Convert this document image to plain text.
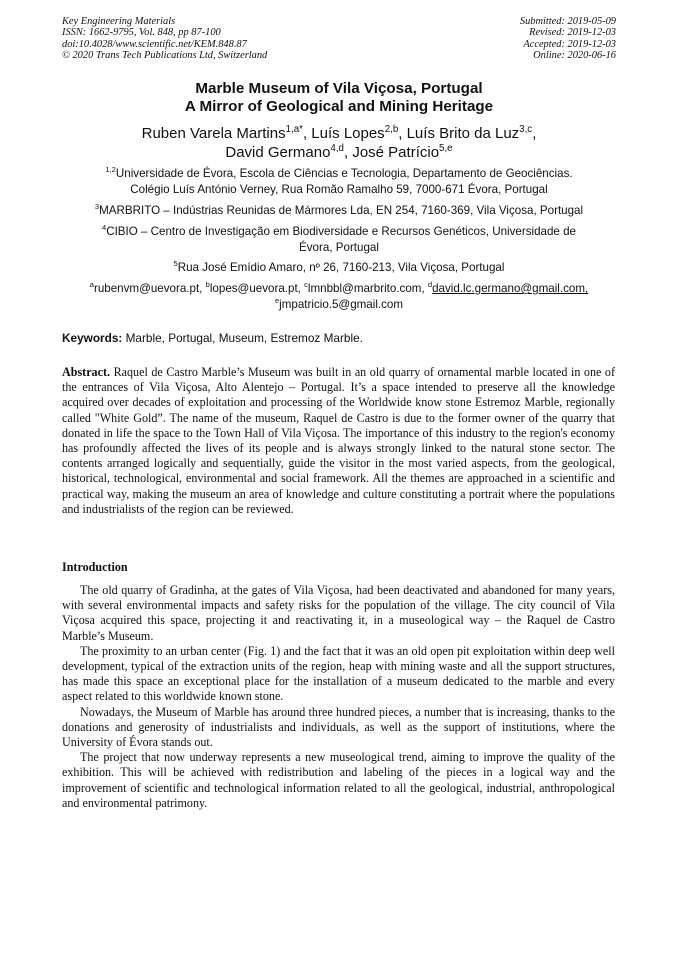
Key Engineering Materials
ISSN: 1662-9795, Vol. 848, pp 87-100
doi:10.4028/www.scientific.net/KEM.848.87
© 2020 Trans Tech Publications Ltd, Switzerland
Submitted: 2019-05-09
Revised: 2019-12-03
Accepted: 2019-12-03
Online: 2020-06-16
Marble Museum of Vila Viçosa, Portugal
A Mirror of Geological and Mining Heritage
Ruben Varela Martins$^{1,a*}$, Luís Lopes$^{2,b}$, Luís Brito da Luz$^{3,c}$,
David Germano$^{4,d}$, José Patrício$^{5,e}$
$^{1,2}$Universidade de Évora, Escola de Ciências e Tecnologia, Departamento de Geociências.
Colégio Luís António Verney, Rua Romão Ramalho 59, 7000-671 Évora, Portugal
$^3$MARBRITO – Indústrias Reunidas de Mármores Lda, EN 254, 7160-369, Vila Viçosa, Portugal
$^4$CIBIO – Centro de Investigação em Biodiversidade e Recursos Genéticos, Universidade de
Évora, Portugal
$^5$Rua José Emídio Amaro, nº 26, 7160-213, Vila Viçosa, Portugal
$^a$rubenvm@uevora.pt, $^b$lopes@uevora.pt, $^c$lmnbbl@marbrito.com, $^d$david.lc.germano@gmail.com,
$^e$jmpatricio.5@gmail.com
Keywords: Marble, Portugal, Museum, Estremoz Marble.
Abstract. Raquel de Castro Marble’s Museum was built in an old quarry of ornamental marble located in one of the entrances of Vila Viçosa, Alto Alentejo – Portugal. It’s a space intended to preserve all the knowledge acquired over decades of exploitation and processing of the Worldwide know stone Estremoz Marble, regionally called "White Gold”. The name of the museum, Raquel de Castro is due to the former owner of the quarry that donated in life the space to the Town Hall of Vila Viçosa. The importance of this industry to the region's economy has profoundly affected the lives of its people and is always strongly linked to the natural stone sector. The contents arranged logically and sequentially, guide the visitor in the most varied aspects, from the geological, historical, technological, environmental and social framework. All the themes are approached in a scientific and practical way, making the museum an area of knowledge and culture constituting a portrait where the populations and industrialists of the region can be reviewed.
Introduction

The old quarry of Gradinha, at the gates of Vila Viçosa, had been deactivated and abandoned for many years, with several environmental impacts and safety risks for the population of the village. The city council of Vila Viçosa acquired this space, projecting it and reactivating it, in a museological way – the Raquel de Castro Marble’s Museum.

The proximity to an urban center (Fig. 1) and the fact that it was an old open pit exploitation within deep well development, typical of the extraction units of the region, heap with mining waste and all the support structures, has made this space an exceptional place for the installation of a museum dedicated to the marble and every aspect related to this worldwide known stone.

Nowadays, the Museum of Marble has around three hundred pieces, a number that is increasing, thanks to the donations and generosity of industrialists and individuals, as well as the support of institutions, where the University of Évora stands out.

The project that now underway represents a new museological trend, aiming to improve the quality of the exhibition. This will be achieved with redistribution and labeling of the pieces in a logical way and the improvement of scientific and technological information related to all the geological, industrial, anthropological and environmental patrimony.
